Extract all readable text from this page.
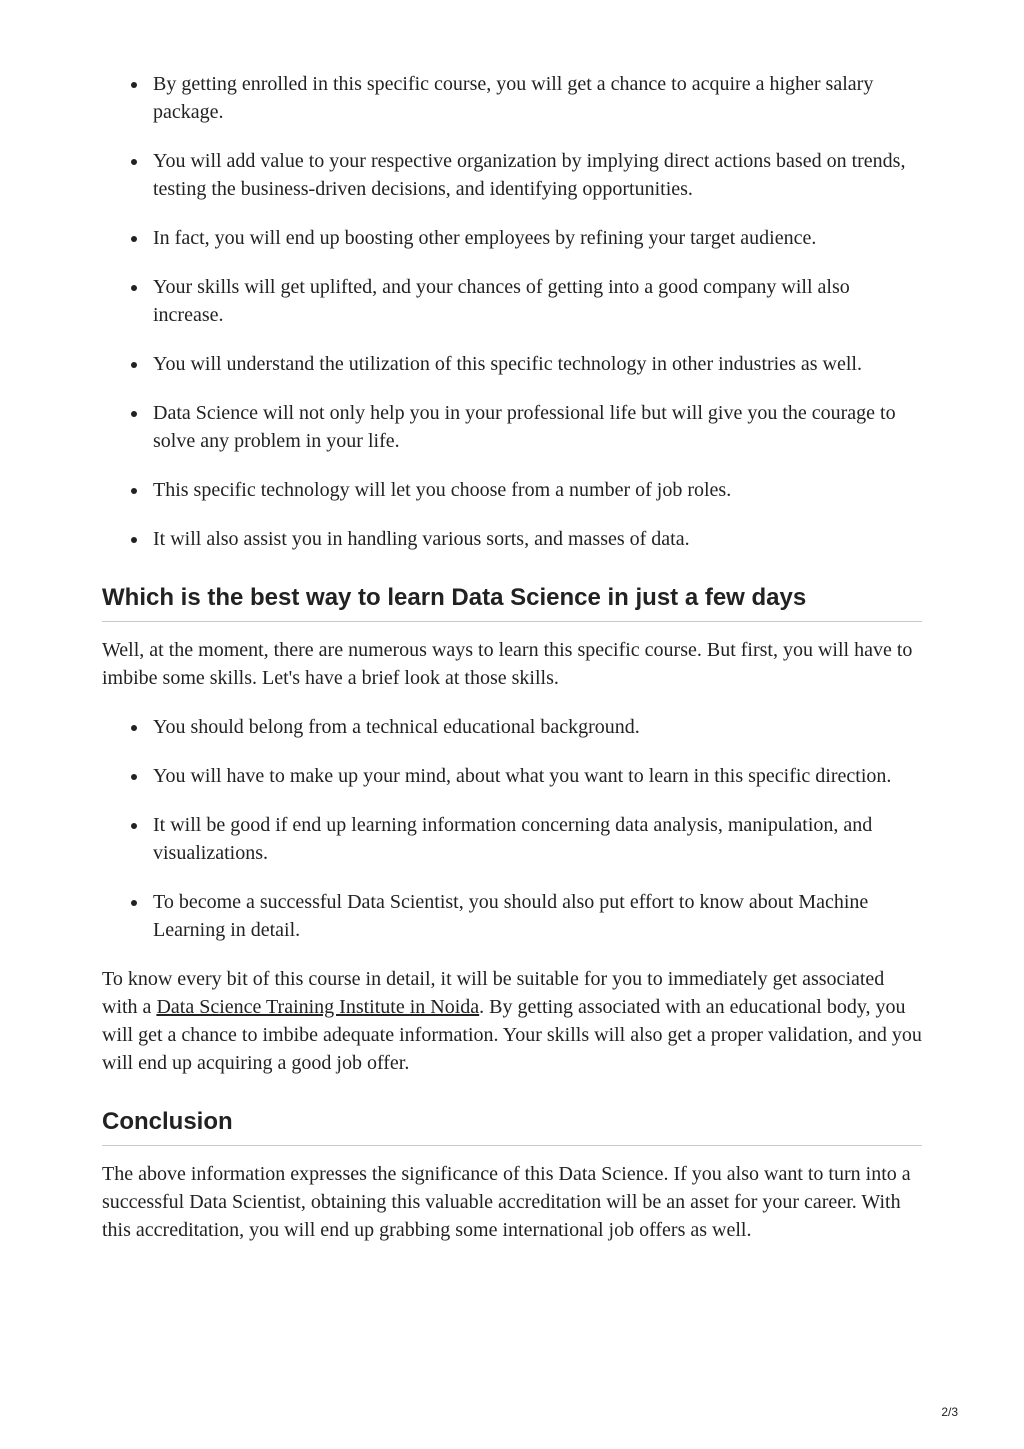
By getting enrolled in this specific course, you will get a chance to acquire a higher salary package.
You will add value to your respective organization by implying direct actions based on trends, testing the business-driven decisions, and identifying opportunities.
In fact, you will end up boosting other employees by refining your target audience.
Your skills will get uplifted, and your chances of getting into a good company will also increase.
You will understand the utilization of this specific technology in other industries as well.
Data Science will not only help you in your professional life but will give you the courage to solve any problem in your life.
This specific technology will let you choose from a number of job roles.
It will also assist you in handling various sorts, and masses of data.
Which is the best way to learn Data Science in just a few days

Well, at the moment, there are numerous ways to learn this specific course. But first, you will have to imbibe some skills. Let's have a brief look at those skills.

You should belong from a technical educational background.
You will have to make up your mind, about what you want to learn in this specific direction.
It will be good if end up learning information concerning data analysis, manipulation, and visualizations.
To become a successful Data Scientist, you should also put effort to know about Machine Learning in detail.

To know every bit of this course in detail, it will be suitable for you to immediately get associated with a Data Science Training Institute in Noida. By getting associated with an educational body, you will get a chance to imbibe adequate information. Your skills will also get a proper validation, and you will end up acquiring a good job offer.

Conclusion

The above information expresses the significance of this Data Science. If you also want to turn into a successful Data Scientist, obtaining this valuable accreditation will be an asset for your career. With this accreditation, you will end up grabbing some international job offers as well.

2/3
